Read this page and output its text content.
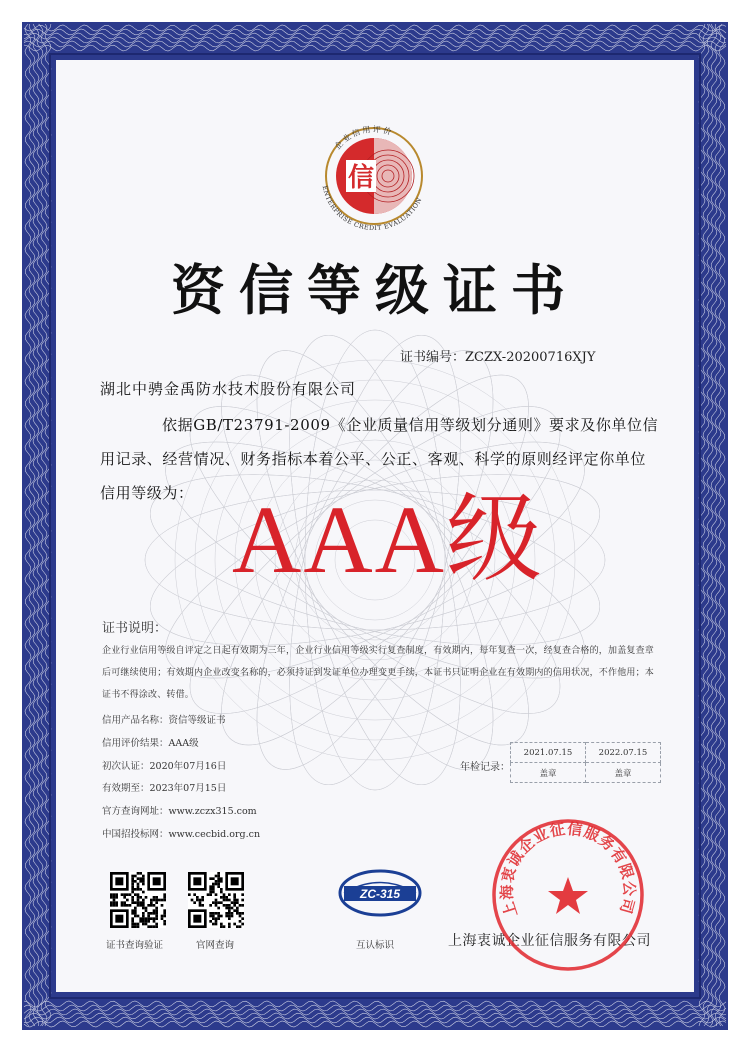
信
企业信用评价
ENTERPRISE CREDIT EVALUATION
资信等级证书
证书编号：ZCZX-20200716XJY
湖北中骋金禹防水技术股份有限公司
依据GB/T23791-2009《企业质量信用等级划分通则》要求及你单位信用记录、经营情况、财务指标本着公平、公正、客观、科学的原则经评定你单位信用等级为： AAA级
证书说明：
企业行业信用等级自评定之日起有效期为三年，企业行业信用等级实行复查制度，有效期内，每年复查一次，经复查合格的，加盖复查章后可继续使用；有效期内企业改变名称的，必须持证到发证单位办理变更手续，本证书只证明企业在有效期内的信用状况，不作他用；本证书不得涂改、转借。
信用产品名称：资信等级证书
信用评价结果：AAA级
初次认证：2020年07月16日
有效期至：2023年07月15日
官方查询网址：www.zczx315.com
中国招投标网：www.cecbid.org.cn
年检记录：
2021.07.15	2022.07.15
盖章	盖章
证书查询验证	官网查询
ZC-315
互认标识	上海衷诚企业征信服务有限公司
上海衷诚企业征信服务有限公司
